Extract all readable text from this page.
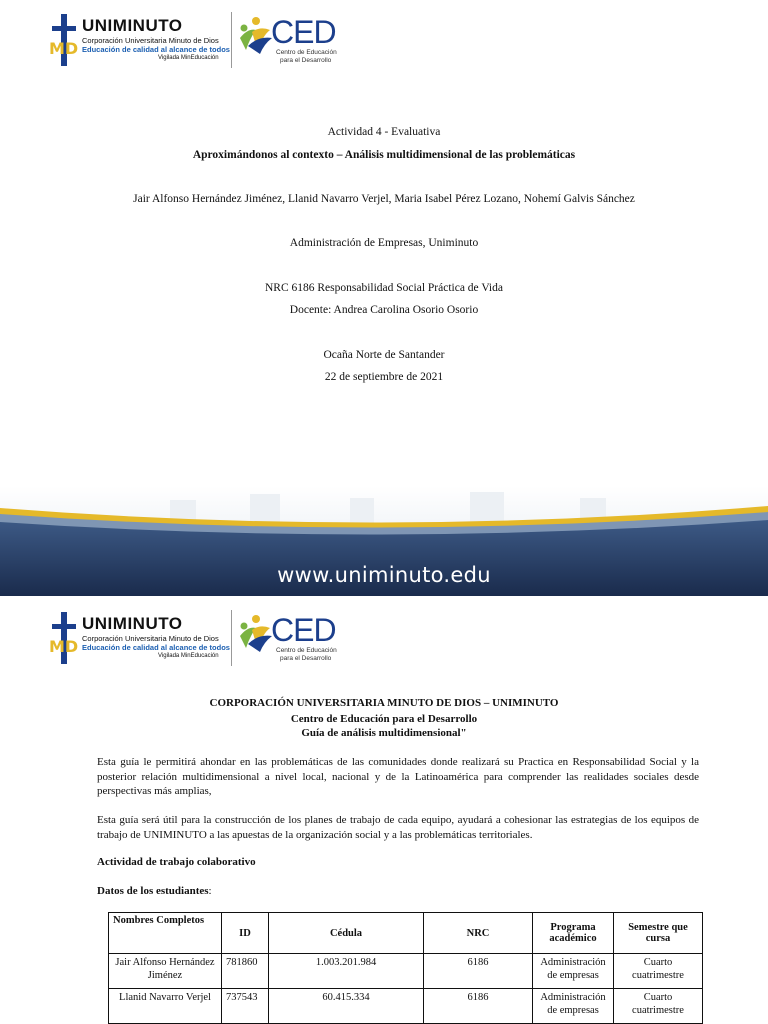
MD
UNIMINUTO
Corporación Universitaria Minuto de Dios
Educación de calidad al alcance de todos
Vigilada MinEducación
CED
Centro de Educación
para el Desarrollo
Actividad 4 - Evaluativa
Aproximándonos al contexto – Análisis multidimensional de las problemáticas
Jair Alfonso Hernández Jiménez, Llanid Navarro Verjel, Maria Isabel Pérez Lozano, Nohemí Galvis Sánchez
Administración de Empresas, Uniminuto
NRC 6186 Responsabilidad Social Práctica de Vida
Docente: Andrea Carolina Osorio Osorio
Ocaña Norte de Santander
22 de septiembre de 2021
www.uniminuto.edu
MD
UNIMINUTO
Corporación Universitaria Minuto de Dios
Educación de calidad al alcance de todos
Vigilada MinEducación
CED
Centro de Educación
para el Desarrollo
CORPORACIÓN UNIVERSITARIA MINUTO DE DIOS – UNIMINUTO
Centro de Educación para el Desarrollo
Guía de análisis multidimensional"

Esta guía le permitirá ahondar en las problemáticas de las comunidades donde realizará su Practica en Responsabilidad Social y la posterior relación multidimensional a nivel local, nacional y de la Latinoamérica para comprender las realidades sociales desde perspectivas más amplias,

Esta guía será útil para la construcción de los planes de trabajo de cada equipo, ayudará a cohesionar las estrategias de los equipos de trabajo de UNIMINUTO a las apuestas de la organización social y a las problemáticas territoriales.

Actividad de trabajo colaborativo
Datos de los estudiantes:
Nombres Completos	ID	Cédula	NRC	Programa académico	Semestre que cursa
Jair Alfonso Hernández Jiménez	781860	1.003.201.984	6186	Administración de empresas	Cuarto cuatrimestre
Llanid Navarro Verjel	737543	60.415.334	6186	Administración de empresas	Cuarto cuatrimestre
